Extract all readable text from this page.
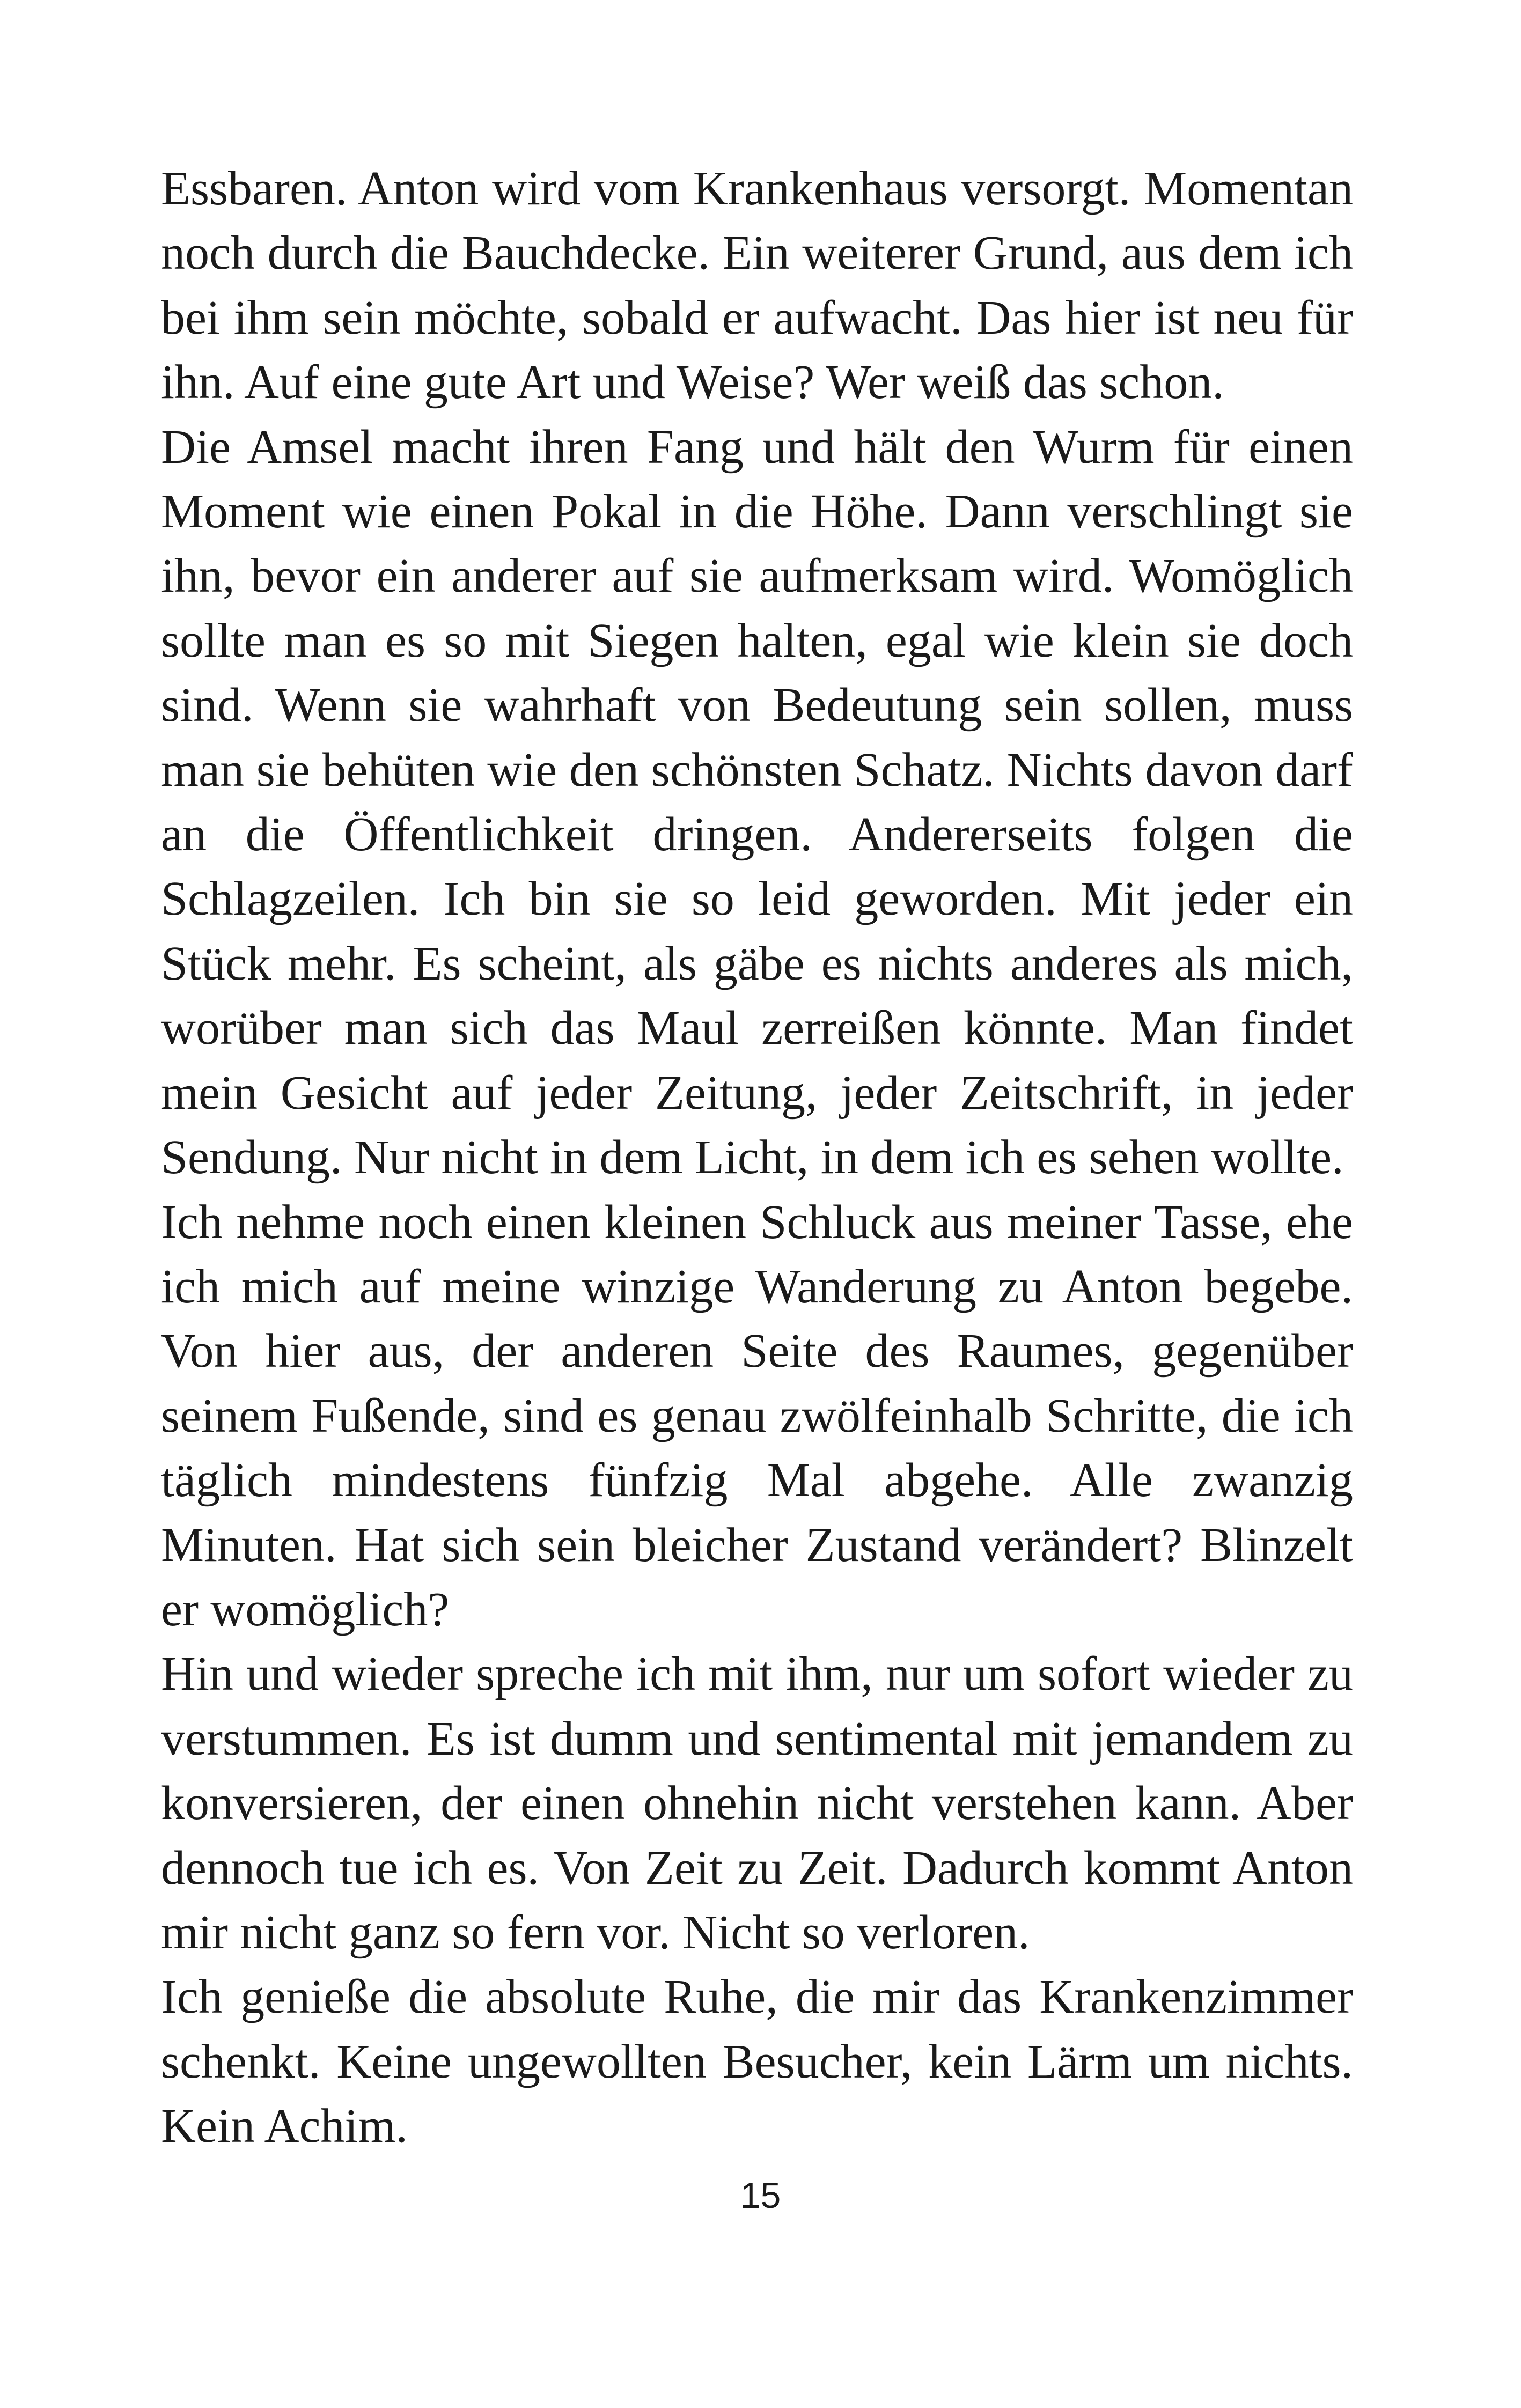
Essbaren. Anton wird vom Krankenhaus versorgt. Momentan noch durch die Bauchdecke. Ein weiterer Grund, aus dem ich bei ihm sein möchte, sobald er aufwacht. Das hier ist neu für ihn. Auf eine gute Art und Weise? Wer weiß das schon.

Die Amsel macht ihren Fang und hält den Wurm für einen Moment wie einen Pokal in die Höhe. Dann verschlingt sie ihn, bevor ein anderer auf sie aufmerksam wird. Womöglich sollte man es so mit Siegen halten, egal wie klein sie doch sind. Wenn sie wahrhaft von Bedeutung sein sollen, muss man sie behüten wie den schönsten Schatz. Nichts davon darf an die Öffentlichkeit dringen. Andererseits folgen die Schlagzeilen. Ich bin sie so leid geworden. Mit jeder ein Stück mehr. Es scheint, als gäbe es nichts anderes als mich, worüber man sich das Maul zerreißen könnte. Man findet mein Gesicht auf jeder Zeitung, jeder Zeitschrift, in jeder Sendung. Nur nicht in dem Licht, in dem ich es sehen wollte.

Ich nehme noch einen kleinen Schluck aus meiner Tasse, ehe ich mich auf meine winzige Wanderung zu Anton begebe. Von hier aus, der anderen Seite des Raumes, gegenüber seinem Fußende, sind es genau zwölfeinhalb Schritte, die ich täglich mindestens fünfzig Mal abgehe. Alle zwanzig Minuten. Hat sich sein bleicher Zustand verändert? Blinzelt er womöglich?

Hin und wieder spreche ich mit ihm, nur um sofort wieder zu verstummen. Es ist dumm und sentimental mit jemandem zu konversieren, der einen ohnehin nicht verstehen kann. Aber dennoch tue ich es. Von Zeit zu Zeit. Dadurch kommt Anton mir nicht ganz so fern vor. Nicht so verloren.

Ich genieße die absolute Ruhe, die mir das Krankenzimmer schenkt. Keine ungewollten Besucher, kein Lärm um nichts. Kein Achim.

15
